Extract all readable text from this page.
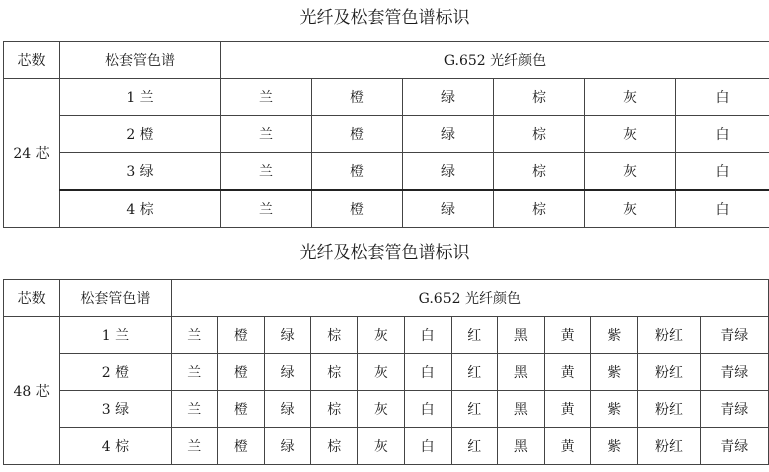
光纤及松套管色谱标识
芯数	松套管色谱	G.652 光纤颜色					
24 芯	1 兰	兰	橙	绿	棕	灰	白
	2 橙	兰	橙	绿	棕	灰	白
	3 绿	兰	橙	绿	棕	灰	白
	4 棕	兰	橙	绿	棕	灰	白
光纤及松套管色谱标识
芯数	松套管色谱	G.652 光纤颜色											
48 芯	1 兰	兰	橙	绿	棕	灰	白	红	黑	黄	紫	粉红	青绿
	2 橙	兰	橙	绿	棕	灰	白	红	黑	黄	紫	粉红	青绿
	3 绿	兰	橙	绿	棕	灰	白	红	黑	黄	紫	粉红	青绿
	4 棕	兰	橙	绿	棕	灰	白	红	黑	黄	紫	粉红	青绿
